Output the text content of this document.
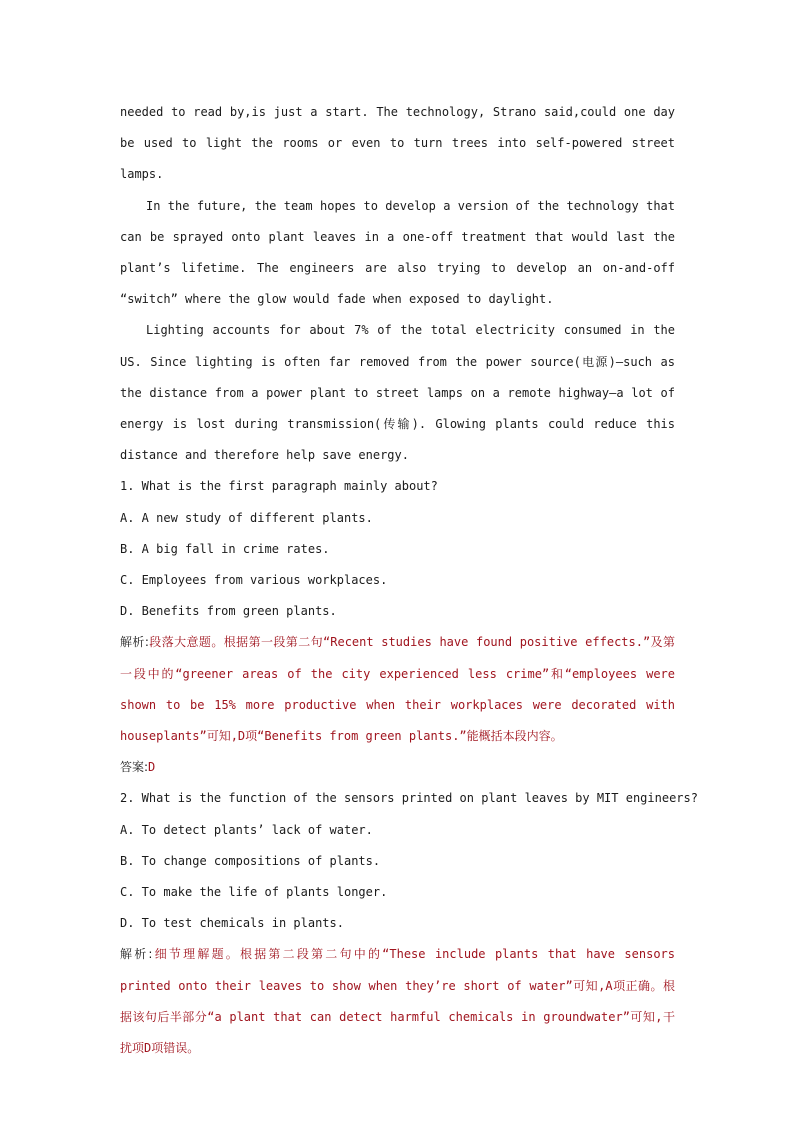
needed to read by,is just a start. The technology, Strano said,could one day be used to light the rooms or even to turn trees into self-powered street lamps.

In the future, the team hopes to develop a version of the technology that can be sprayed onto plant leaves in a one-off treatment that would last the plant’s lifetime. The engineers are also trying to develop an on-and-off “switch” where the glow would fade when exposed to daylight.

Lighting accounts for about 7% of the total electricity consumed in the US. Since lighting is often far removed from the power source(电源)—such as the distance from a power plant to street lamps on a remote highway—a lot of energy is lost during transmission(传输). Glowing plants could reduce this distance and therefore help save energy.

1. What is the first paragraph mainly about?

A. A new study of different plants.

B. A big fall in crime rates.

C. Employees from various workplaces.

D. Benefits from green plants.

解析:段落大意题。根据第一段第二句“Recent studies have found positive effects.”及第一段中的“greener areas of the city experienced less crime”和“employees were shown to be 15% more productive when their workplaces were decorated with houseplants”可知,D项“Benefits from green plants.”能概括本段内容。

答案:D

2. What is the function of the sensors printed on plant leaves by MIT engineers?

A. To detect plants’ lack of water.

B. To change compositions of plants.

C. To make the life of plants longer.

D. To test chemicals in plants.

解析:细节理解题。根据第二段第二句中的“These include plants that have sensors printed onto their leaves to show when they’re short of water”可知,A项正确。根据该句后半部分“a plant that can detect harmful chemicals in groundwater”可知,干扰项D项错误。
